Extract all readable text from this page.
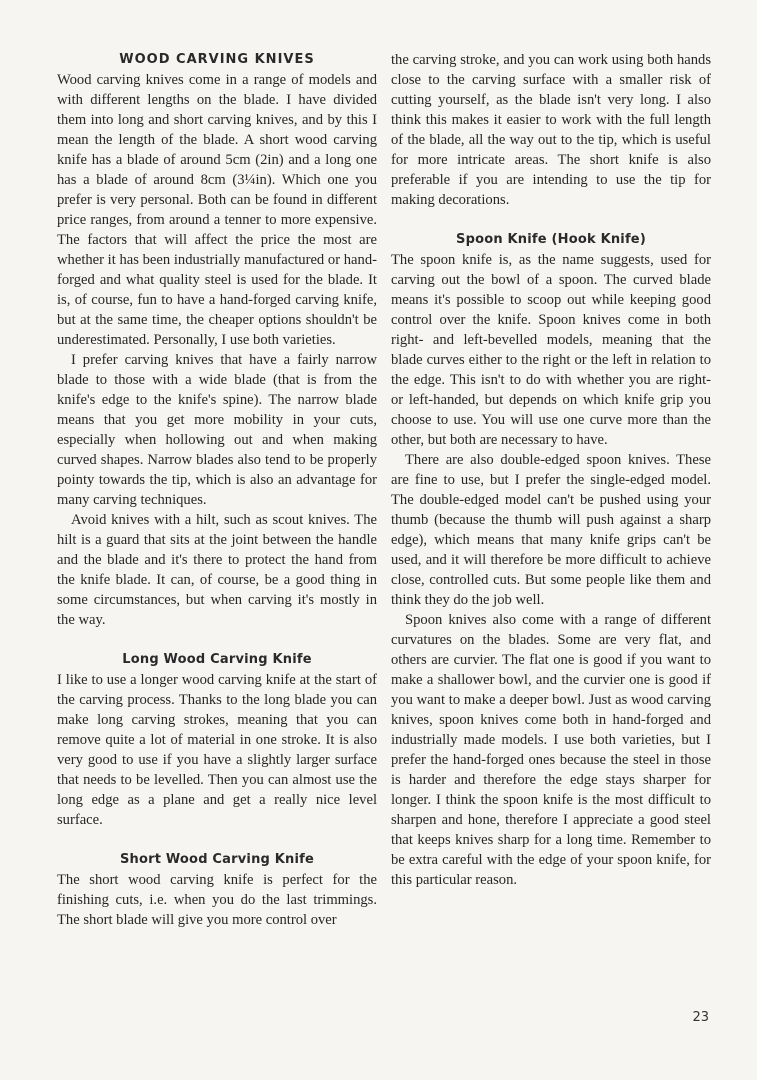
WOOD CARVING KNIVES

Wood carving knives come in a range of models and with different lengths on the blade. I have divided them into long and short carving knives, and by this I mean the length of the blade. A short wood carving knife has a blade of around 5cm (2in) and a long one has a blade of around 8cm (3¼in). Which one you prefer is very personal. Both can be found in different price ranges, from around a tenner to more expensive. The factors that will affect the price the most are whether it has been industrially manufactured or hand-forged and what quality steel is used for the blade. It is, of course, fun to have a hand-forged carving knife, but at the same time, the cheaper options shouldn't be underestimated. Personally, I use both varieties.

I prefer carving knives that have a fairly narrow blade to those with a wide blade (that is from the knife's edge to the knife's spine). The narrow blade means that you get more mobility in your cuts, especially when hollowing out and when making curved shapes. Narrow blades also tend to be properly pointy towards the tip, which is also an advantage for many carving techniques.

Avoid knives with a hilt, such as scout knives. The hilt is a guard that sits at the joint between the handle and the blade and it's there to protect the hand from the knife blade. It can, of course, be a good thing in some circumstances, but when carving it's mostly in the way.

Long Wood Carving Knife

I like to use a longer wood carving knife at the start of the carving process. Thanks to the long blade you can make long carving strokes, meaning that you can remove quite a lot of material in one stroke. It is also very good to use if you have a slightly larger surface that needs to be levelled. Then you can almost use the long edge as a plane and get a really nice level surface.

Short Wood Carving Knife

The short wood carving knife is perfect for the finishing cuts, i.e. when you do the last trimmings. The short blade will give you more control over

the carving stroke, and you can work using both hands close to the carving surface with a smaller risk of cutting yourself, as the blade isn't very long. I also think this makes it easier to work with the full length of the blade, all the way out to the tip, which is useful for more intricate areas. The short knife is also preferable if you are intending to use the tip for making decorations.

Spoon Knife (Hook Knife)

The spoon knife is, as the name suggests, used for carving out the bowl of a spoon. The curved blade means it's possible to scoop out while keeping good control over the knife. Spoon knives come in both right- and left-bevelled models, meaning that the blade curves either to the right or the left in relation to the edge. This isn't to do with whether you are right- or left-handed, but depends on which knife grip you choose to use. You will use one curve more than the other, but both are necessary to have.

There are also double-edged spoon knives. These are fine to use, but I prefer the single-edged model. The double-edged model can't be pushed using your thumb (because the thumb will push against a sharp edge), which means that many knife grips can't be used, and it will therefore be more difficult to achieve close, controlled cuts. But some people like them and think they do the job well.

Spoon knives also come with a range of different curvatures on the blades. Some are very flat, and others are curvier. The flat one is good if you want to make a shallower bowl, and the curvier one is good if you want to make a deeper bowl. Just as wood carving knives, spoon knives come both in hand-forged and industrially made models. I use both varieties, but I prefer the hand-forged ones because the steel in those is harder and therefore the edge stays sharper for longer. I think the spoon knife is the most difficult to sharpen and hone, therefore I appreciate a good steel that keeps knives sharp for a long time. Remember to be extra careful with the edge of your spoon knife, for this particular reason.

23
